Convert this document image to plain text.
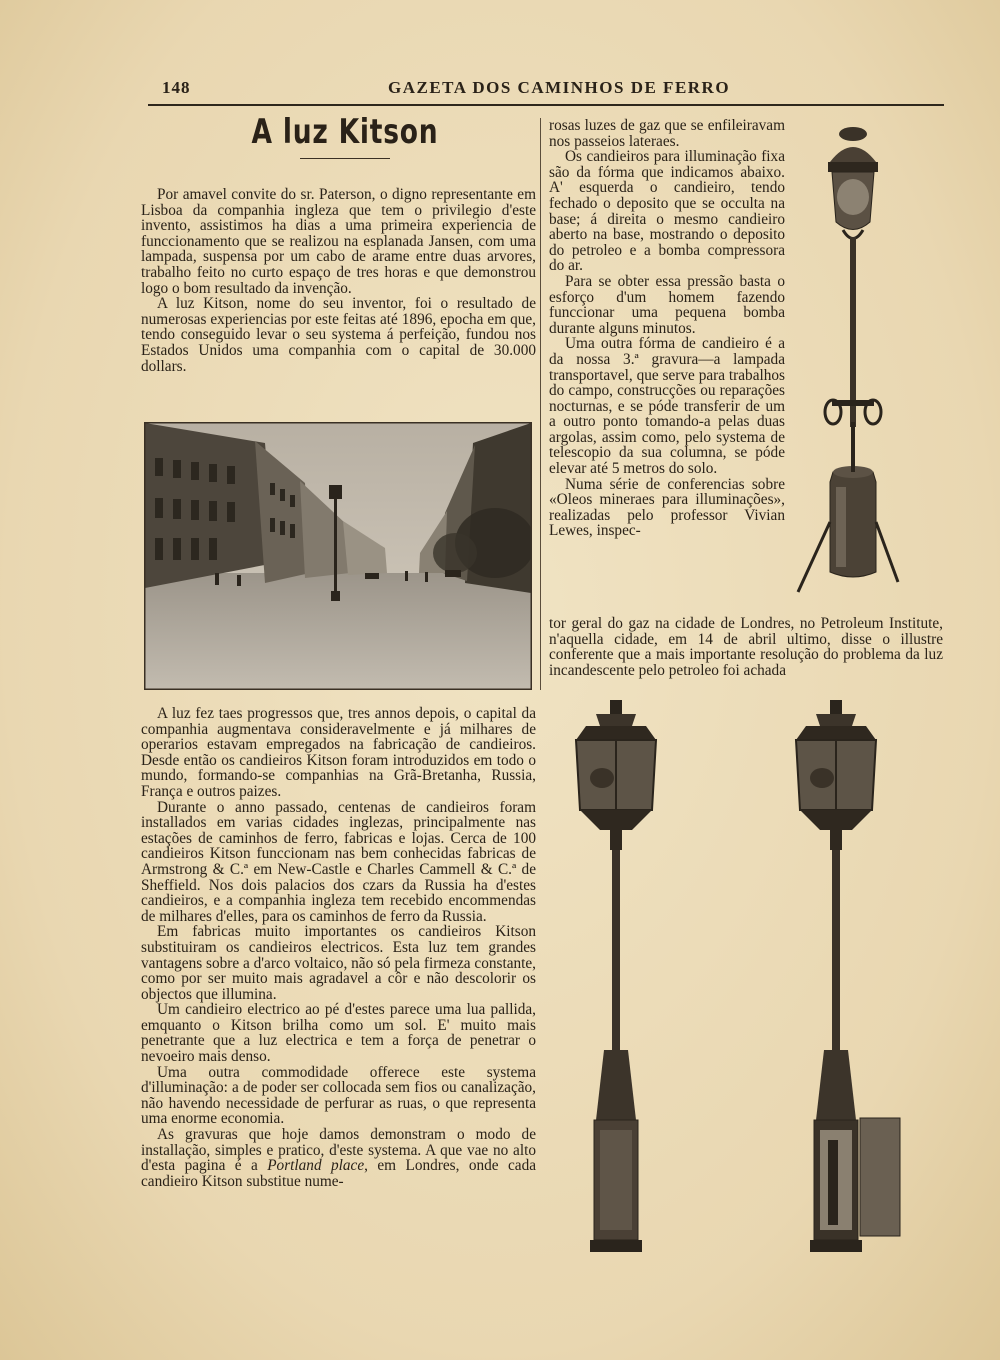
148	GAZETA DOS CAMINHOS DE FERRO
A luz Kitson

Por amavel convite do sr. Paterson, o digno representante em Lisboa da companhia ingleza que tem o privilegio d'este invento, assistimos ha dias a uma primeira experiencia de funccionamento que se realizou na esplanada Jansen, com uma lampada, suspensa por um cabo de arame entre duas arvores, trabalho feito no curto espaço de tres horas e que demonstrou logo o bom resultado da invenção.

A luz Kitson, nome do seu inventor, foi o resultado de numerosas experiencias por este feitas até 1896, epocha em que, tendo conseguido levar o seu systema á perfeição, fundou nos Estados Unidos uma companhia com o capital de 30.000 dollars.

A luz fez taes progressos que, tres annos depois, o capital da companhia augmentava consideravelmente e já milhares de operarios estavam empregados na fabricação de candieiros. Desde então os candieiros Kitson foram introduzidos em todo o mundo, formando-se companhias na Grã-Bretanha, Russia, França e outros paizes.

Durante o anno passado, centenas de candieiros foram installados em varias cidades inglezas, principalmente nas estações de caminhos de ferro, fabricas e lojas. Cerca de 100 candieiros Kitson funccionam nas bem conhecidas fabricas de Armstrong & C.ª em New-Castle e Charles Cammell & C.ª de Sheffield. Nos dois palacios dos czars da Russia ha d'estes candieiros, e a companhia ingleza tem recebido encommendas de milhares d'elles, para os caminhos de ferro da Russia.

Em fabricas muito importantes os candieiros Kitson substituiram os candieiros electricos. Esta luz tem grandes vantagens sobre a d'arco voltaico, não só pela firmeza constante, como por ser muito mais agradavel a côr e não descolorir os objectos que illumina.

Um candieiro electrico ao pé d'estes parece uma lua pallida, emquanto o Kitson brilha como um sol. E' muito mais penetrante que a luz electrica e tem a força de penetrar o nevoeiro mais denso.

Uma outra commodidade offerece este systema d'illuminação: a de poder ser collocada sem fios ou canalização, não havendo necessidade de perfurar as ruas, o que representa uma enorme economia.

As gravuras que hoje damos demonstram o modo de installação, simples e pratico, d'este systema. A que vae no alto d'esta pagina é a Portland place, em Londres, onde cada candieiro Kitson substitue nume-

rosas luzes de gaz que se enfileiravam nos passeios lateraes.

Os candieiros para illuminação fixa são da fórma que indicamos abaixo. A' esquerda o candieiro, tendo fechado o deposito que se occulta na base; á direita o mesmo candieiro aberto na base, mostrando o deposito do petroleo e a bomba compressora do ar.

Para se obter essa pressão basta o esforço d'um homem fazendo funccionar uma pequena bomba durante alguns minutos.

Uma outra fórma de candieiro é a da nossa 3.ª gravura—a lampada transportavel, que serve para trabalhos do campo, construcções ou reparações nocturnas, e se póde transferir de um a outro ponto tomando-a pelas duas argolas, assim como, pelo systema de telescopio da sua columna, se póde elevar até 5 metros do solo.

Numa série de conferencias sobre «Oleos mineraes para illuminações», realizadas pelo professor Vivian Lewes, inspec-

tor geral do gaz na cidade de Londres, no Petroleum Institute, n'aquella cidade, em 14 de abril ultimo, disse o illustre conferente que a mais importante resolução do problema da luz incandescente pelo petroleo foi achada
